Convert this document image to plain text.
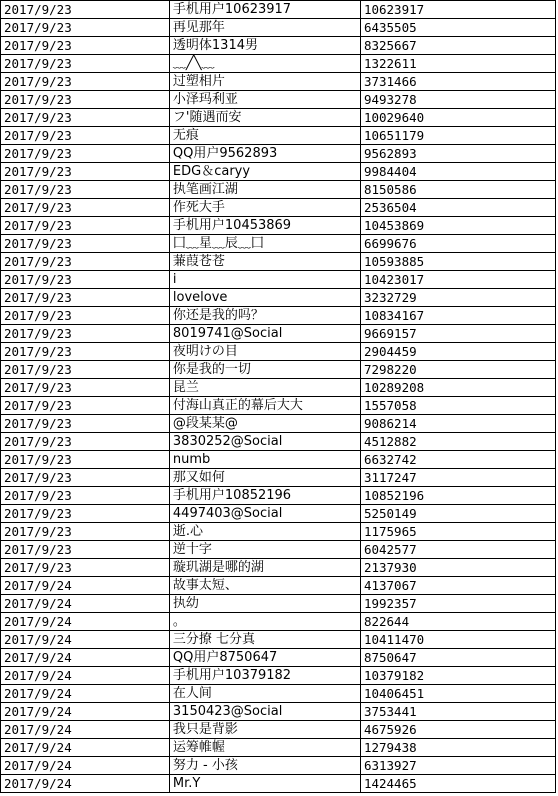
2017/9/23	手机用户10623917	10623917
2017/9/23	再见那年	6435505
2017/9/23	透明体1314男	8325667
2017/9/23	﹏╱╲﹏	1322611
2017/9/23	过塑相片	3731466
2017/9/23	小泽玛利亚	9493278
2017/9/23	フ'随遇而安	10029640
2017/9/23	无痕	10651179
2017/9/23	QQ用户9562893	9562893
2017/9/23	EDG＆caryy	9984404
2017/9/23	执笔画江湖	8150586
2017/9/23	作死大手	2536504
2017/9/23	手机用户10453869	10453869
2017/9/23	囗﹏星﹏辰﹏囗	6699676
2017/9/23	蒹葭苍苍	10593885
2017/9/23	i	10423017
2017/9/23	lovelove	3232729
2017/9/23	你还是我的吗？	10834167
2017/9/23	8019741@Social	9669157
2017/9/23	夜明けの目	2904459
2017/9/23	你是我的一切	7298220
2017/9/23	昆兰	10289208
2017/9/23	付海山真正的幕后大大	1557058
2017/9/23	@段某某@	9086214
2017/9/23	3830252@Social	4512882
2017/9/23	numb	6632742
2017/9/23	那又如何	3117247
2017/9/23	手机用户10852196	10852196
2017/9/23	4497403@Social	5250149
2017/9/23	逝.心	1175965
2017/9/23	逆十字	6042577
2017/9/23	璇玑湖是哪的湖	2137930
2017/9/24	故事太短、	4137067
2017/9/24	执幼	1992357
2017/9/24	。	822644
2017/9/24	三分撩 七分真	10411470
2017/9/24	QQ用户8750647	8750647
2017/9/24	手机用户10379182	10379182
2017/9/24	在人间	10406451
2017/9/24	3150423@Social	3753441
2017/9/24	我只是背影	4675926
2017/9/24	运筹帷幄	1279438
2017/9/24	努力 - 小孩	6313927
2017/9/24	Mr.Y	1424465
